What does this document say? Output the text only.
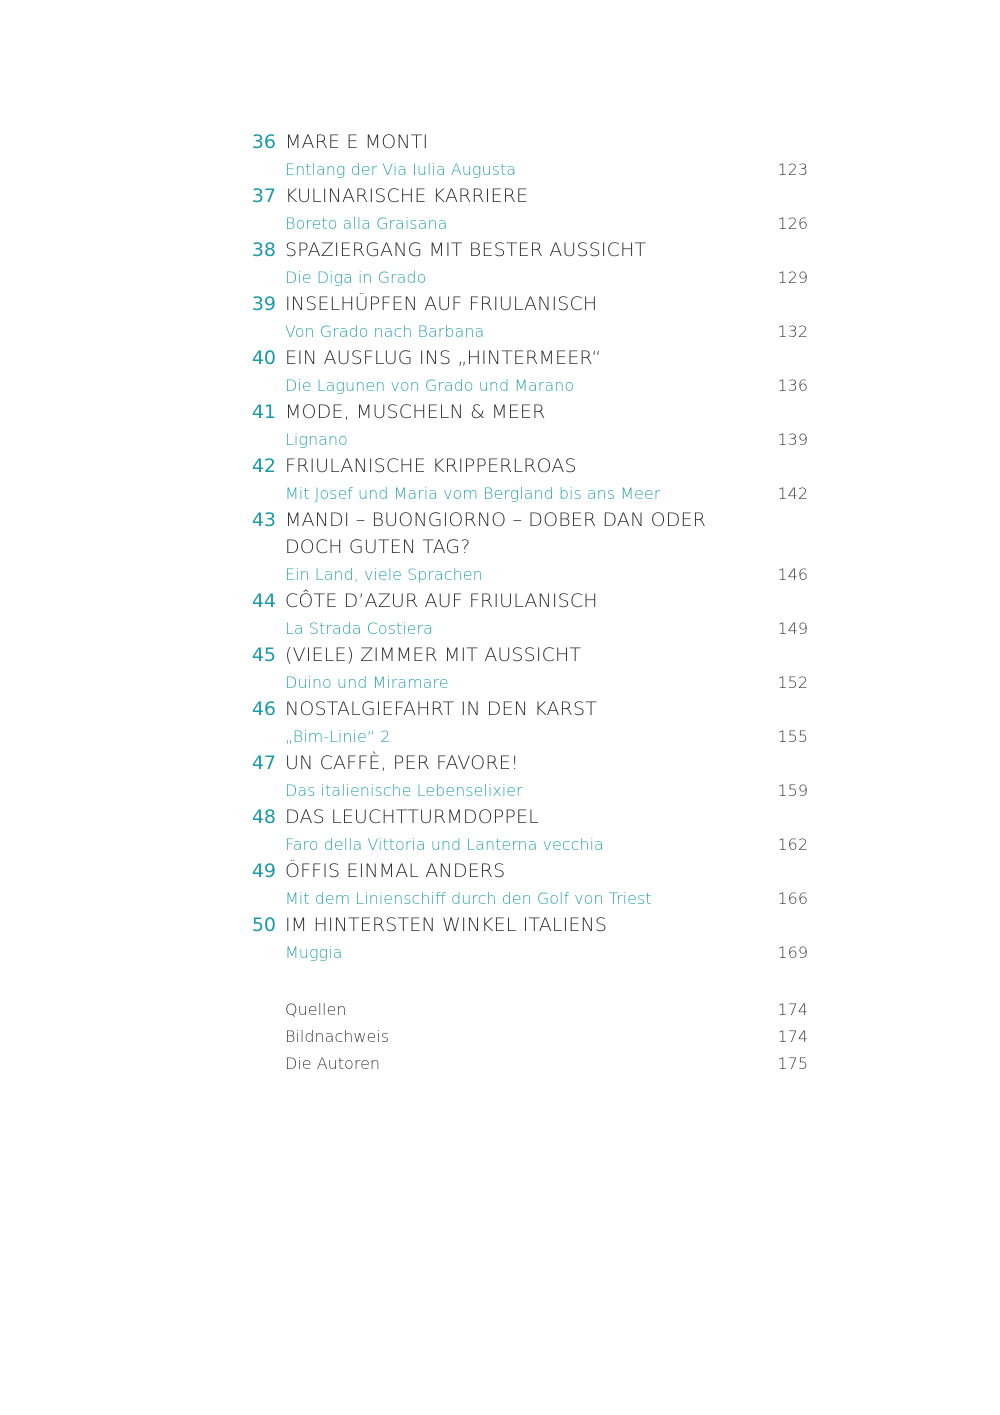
36 MARE E MONTI
Entlang der Via Iulia Augusta	123
37 KULINARISCHE KARRIERE
Boreto alla Graisana	126
38 SPAZIERGANG MIT BESTER AUSSICHT
Die Diga in Grado	129
39 INSELHÜPFEN AUF FRIULANISCH
Von Grado nach Barbana	132
40 EIN AUSFLUG INS „HINTERMEER“
Die Lagunen von Grado und Marano	136
41 MODE, MUSCHELN & MEER
Lignano	139
42 FRIULANISCHE KRIPPERLROAS
Mit Josef und Maria vom Bergland bis ans Meer	142
43 MANDI – BUONGIORNO – DOBER DAN ODER
DOCH GUTEN TAG?
Ein Land, viele Sprachen	146
44 CÔTE D’AZUR AUF FRIULANISCH
La Strada Costiera	149
45 (VIELE) ZIMMER MIT AUSSICHT
Duino und Miramare	152
46 NOSTALGIEFAHRT IN DEN KARST
„Bim-Linie“ 2	155
47 UN CAFFÈ, PER FAVORE!
Das italienische Lebenselixier	159
48 DAS LEUCHTTURMDOPPEL
Faro della Vittoria und Lanterna vecchia	162
49 ÖFFIS EINMAL ANDERS
Mit dem Linienschiff durch den Golf von Triest	166
50 IM HINTERSTEN WINKEL ITALIENS
Muggia	169
Quellen	174
Bildnachweis	174
Die Autoren	175
